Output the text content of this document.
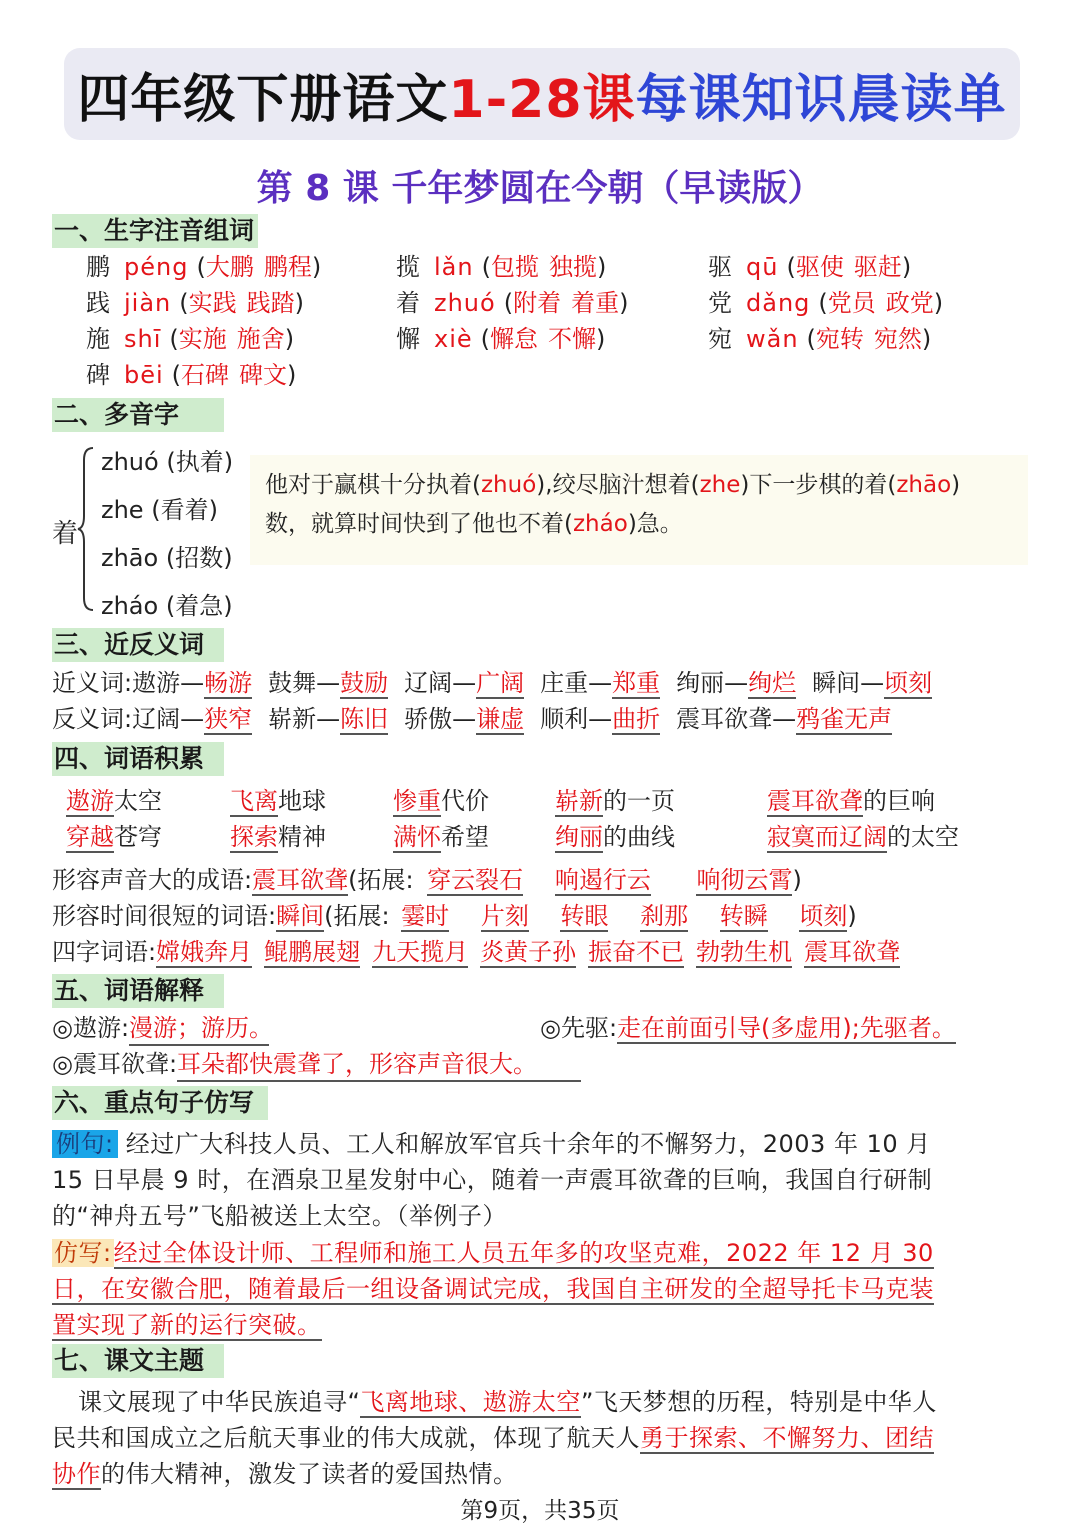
四年级下册语文 1-28课 每课知识晨读单
第 8 课 千年梦圆在今朝（早读版）
一、生字注音组词
鹏 péng (大鹏 鹏程)	揽 lǎn (包揽 独揽)	驱 qū (驱使 驱赶)
践 jiàn (实践 践踏)	着 zhuó (附着 着重)	党 dǎng (党员 政党)
施 shī (实施 施舍)	懈 xiè (懈怠 不懈)	宛 wǎn (宛转 宛然)
碑 bēi (石碑 碑文)
二、多音字
着
zhuó (执着)
zhe (看着)
zhāo (招数)
zháo (着急)
他对于赢棋十分执着(zhuó),绞尽脑汁想着(zhe)下一步棋的着(zhāo)
数，就算时间快到了他也不着(zháo)急。
三、近反义词
近义词:遨游—畅游 鼓舞—鼓励 辽阔—广阔 庄重—郑重 绚丽—绚烂 瞬间—顷刻
反义词:辽阔—狭窄 崭新—陈旧 骄傲—谦虚 顺利—曲折 震耳欲聋—鸦雀无声
四、词语积累
遨游太空	飞离地球	惨重代价	崭新的一页	震耳欲聋的巨响
穿越苍穹	探索精神	满怀希望	绚丽的曲线	寂寞而辽阔的太空
形容声音大的成语:震耳欲聋(拓展: 穿云裂石 响遏行云 响彻云霄)
形容时间很短的词语:瞬间(拓展: 霎时 片刻 转眼 刹那 转瞬 顷刻)
四字词语:嫦娥奔月 鲲鹏展翅 九天揽月 炎黄子孙 振奋不已 勃勃生机 震耳欲聋
五、词语解释
◎遨游:漫游；游历。	◎先驱:走在前面引导(多虚用);先驱者。
◎震耳欲聋:耳朵都快震聋了，形容声音很大。
六、重点句子仿写
例句: 经过广大科技人员、工人和解放军官兵十余年的不懈努力，2003 年 10 月
15 日早晨 9 时，在酒泉卫星发射中心，随着一声震耳欲聋的巨响，我国自行研制
的“神舟五号”飞船被送上太空。（举例子）
仿写:经过全体设计师、工程师和施工人员五年多的攻坚克难，2022 年 12 月 30
日，在安徽合肥，随着最后一组设备调试完成，我国自主研发的全超导托卡马克装
置实现了新的运行突破。
七、课文主题
课文展现了中华民族追寻“飞离地球、遨游太空”飞天梦想的历程，特别是中华人
民共和国成立之后航天事业的伟大成就，体现了航天人勇于探索、不懈努力、团结
协作的伟大精神，激发了读者的爱国热情。
第9页，共35页
